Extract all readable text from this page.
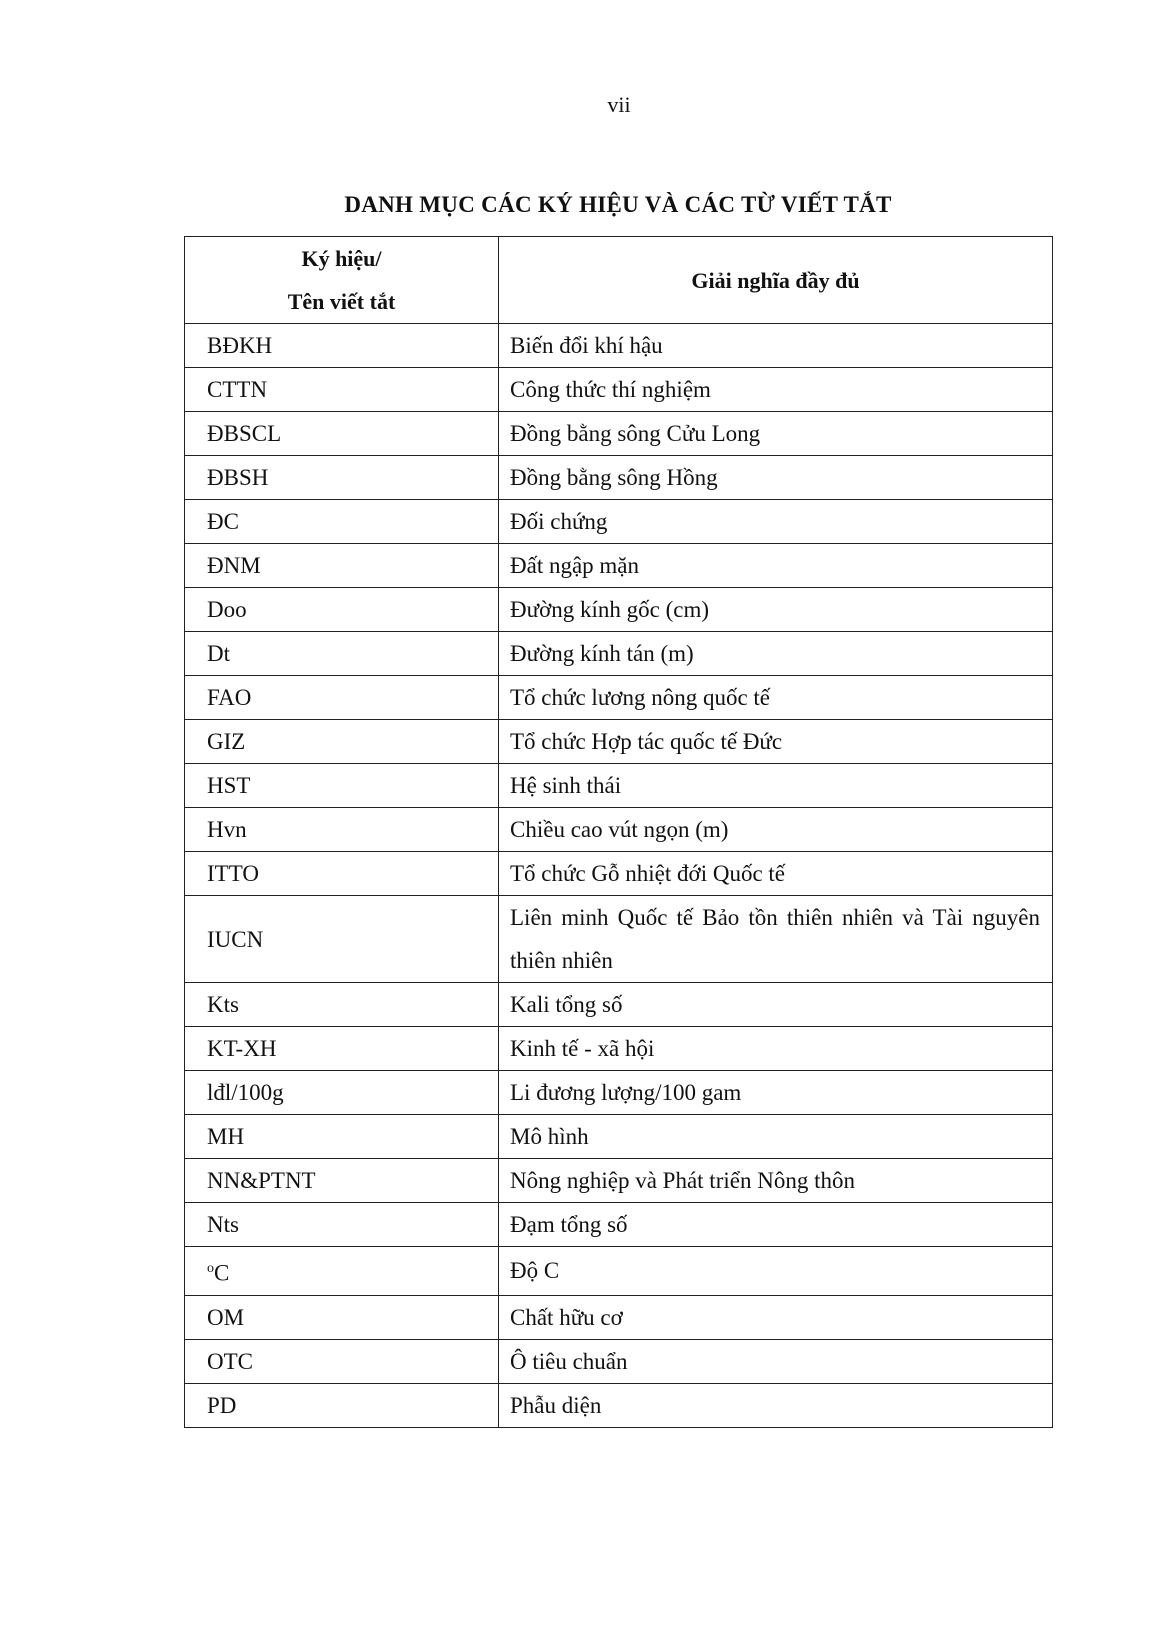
vii
DANH MỤC CÁC KÝ HIỆU VÀ CÁC TỪ VIẾT TẮT
Ký hiệu/
Tên viết tắt	Giải nghĩa đầy đủ
BĐKH	Biến đổi khí hậu
CTTN	Công thức thí nghiệm
ĐBSCL	Đồng bằng sông Cửu Long
ĐBSH	Đồng bằng sông Hồng
ĐC	Đối chứng
ĐNM	Đất ngập mặn
Doo	Đường kính gốc (cm)
Dt	Đường kính tán (m)
FAO	Tổ chức lương nông quốc tế
GIZ	Tổ chức Hợp tác quốc tế Đức
HST	Hệ sinh thái
Hvn	Chiều cao vút ngọn (m)
ITTO	Tổ chức Gỗ nhiệt đới Quốc tế
IUCN	Liên minh Quốc tế Bảo tồn thiên nhiên và Tài nguyên thiên nhiên
Kts	Kali tổng số
KT-XH	Kinh tế - xã hội
lđl/100g	Li đương lượng/100 gam
MH	Mô hình
NN&PTNT	Nông nghiệp và Phát triển Nông thôn
Nts	Đạm tổng số
$^o$C	Độ C
OM	Chất hữu cơ
OTC	Ô tiêu chuẩn
PD	Phẫu diện
